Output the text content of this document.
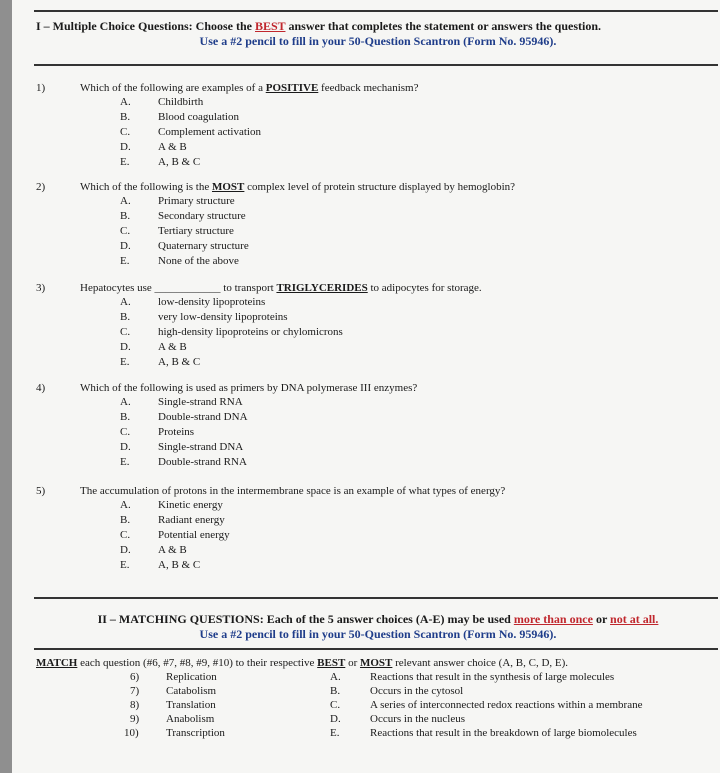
I – Multiple Choice Questions: Choose the BEST answer that completes the statement or answers the question.
Use a #2 pencil to fill in your 50-Question Scantron (Form No. 95946).
1)	Which of the following are examples of a POSITIVE feedback mechanism?
A. Childbirth
B.	Blood coagulation
C.	Complement activation
D. A & B
E.	A, B & C
2)	Which of the following is the MOST complex level of protein structure displayed by hemoglobin?
A. Primary structure
B.	Secondary structure
C.	Tertiary structure
D. Quaternary structure
E.	None of the above
3)	Hepatocytes use ____________ to transport TRIGLYCERIDES to adipocytes for storage.
A. low-density lipoproteins
B.	very low-density lipoproteins
C.	high-density lipoproteins or chylomicrons
D. A & B
E.	A, B & C
4)	Which of the following is used as primers by DNA polymerase III enzymes?
A. Single-strand RNA
B.	Double-strand DNA
C.	Proteins
D. Single-strand DNA
E.	Double-strand RNA
5)	The accumulation of protons in the intermembrane space is an example of what types of energy?
A. Kinetic energy
B.	Radiant energy
C.	Potential energy
D. A & B
E.	A, B & C
II – MATCHING QUESTIONS: Each of the 5 answer choices (A-E) may be used more than once or not at all.
Use a #2 pencil to fill in your 50-Question Scantron (Form No. 95946).
MATCH each question (#6, #7, #8, #9, #10) to their respective BEST or MOST relevant answer choice (A, B, C, D, E).
6) Replication
7) Catabolism
8) Translation
9) Anabolism
10) Transcription
A.	Reactions that result in the synthesis of large molecules
B.	Occurs in the cytosol
C.	A series of interconnected redox reactions within a membrane
D.	Occurs in the nucleus
E.	Reactions that result in the breakdown of large biomolecules
